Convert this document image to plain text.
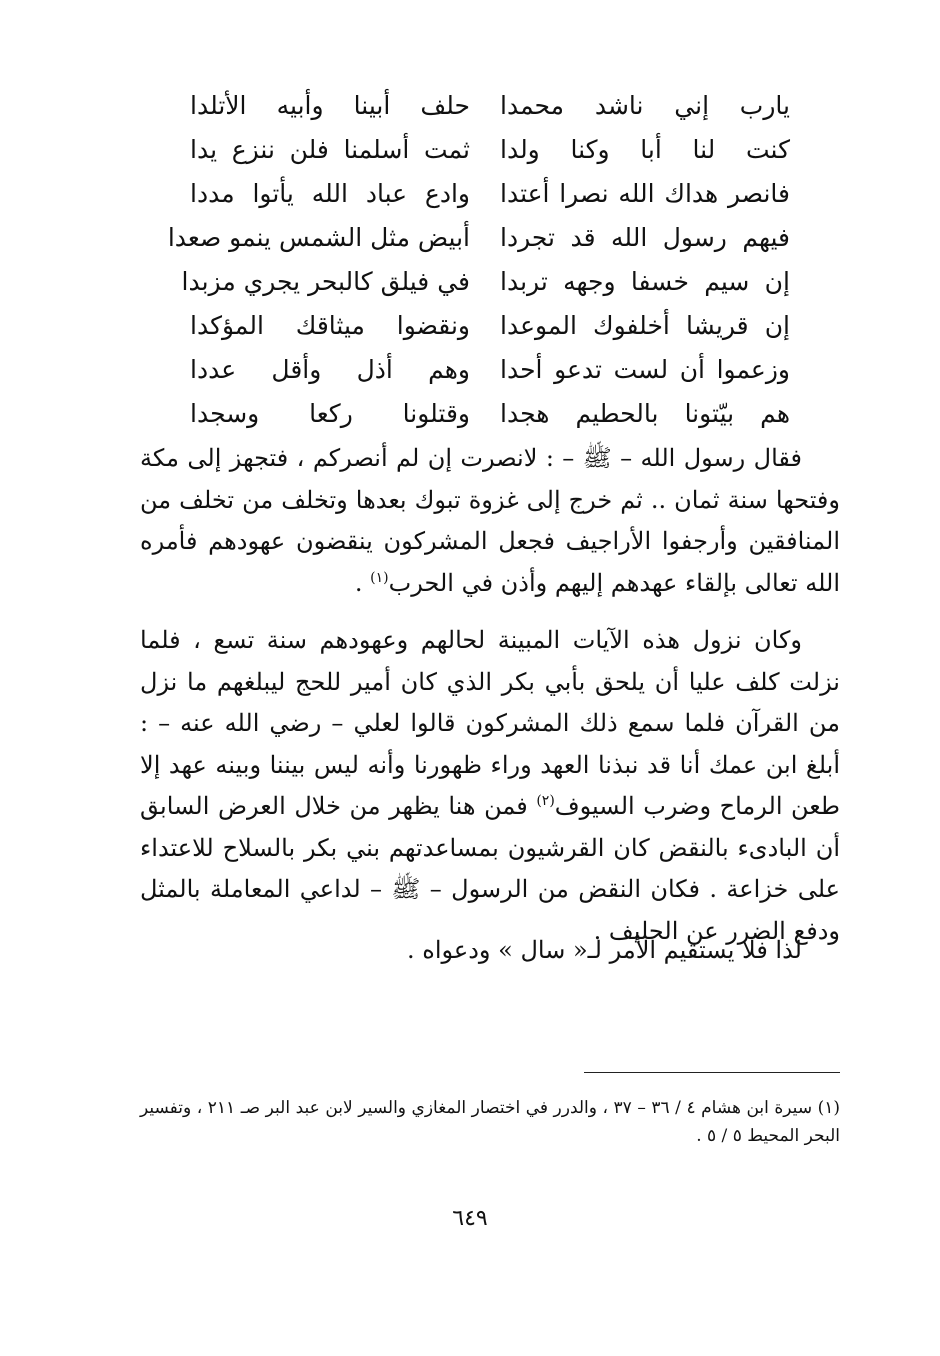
يارب إني ناشد محمدا
حلف أبينا وأبيه الأتلدا
كنت لنا أبا وكنا ولدا
ثمت أسلمنا فلن ننزع يدا
فانصر هداك الله نصرا أعتدا
وادع عباد الله يأتوا مددا
فيهم رسول الله قد تجردا
أبيض مثل الشمس ينمو صعدا
إن سيم خسفا وجهه تربدا
في فيلق كالبحر يجري مزبدا
إن قريشا أخلفوك الموعدا
ونقضوا ميثاقك المؤكدا
وزعموا أن لست تدعو أحدا
وهم أذل وأقل عددا
هم بيّتونا بالحطيم هجدا
وقتلونا ركعا وسجدا

فقال رسول الله – ﷺ – : لانصرت إن لم أنصركم ، فتجهز إلى مكة وفتحها سنة ثمان .. ثم خرج إلى غزوة تبوك بعدها وتخلف من تخلف من المنافقين وأرجفوا الأراجيف فجعل المشركون ينقضون عهودهم فأمره الله تعالى بإلقاء عهدهم إليهم وأذن في الحرب$^{(١)}$ .

وكان نزول هذه الآيات المبينة لحالهم وعهودهم سنة تسع ، فلما نزلت كلف عليا أن يلحق بأبي بكر الذي كان أمير للحج ليبلغهم ما نزل من القرآن فلما سمع ذلك المشركون قالوا لعلي – رضي الله عنه – : أبلغ ابن عمك أنا قد نبذنا العهد وراء ظهورنا وأنه ليس بيننا وبينه عهد إلا طعن الرماح وضرب السيوف$^{(٢)}$ فمن هنا يظهر من خلال العرض السابق أن البادىء بالنقض كان القرشيون بمساعدتهم بني بكر بالسلاح للاعتداء على خزاعة . فكان النقض من الرسول – ﷺ – لداعي المعاملة بالمثل ودفع الضرر عن الحليف .

لذا فلا يستقيم الأمر لـ« سال » ودعواه .

(١) سيرة ابن هشام ٤ / ٣٦ – ٣٧ ، والدرر في اختصار المغازي والسير لابن عبد البر صـ ٢١١ ، وتفسير البحر المحيط ٥ / ٥ .
٦٤٩
